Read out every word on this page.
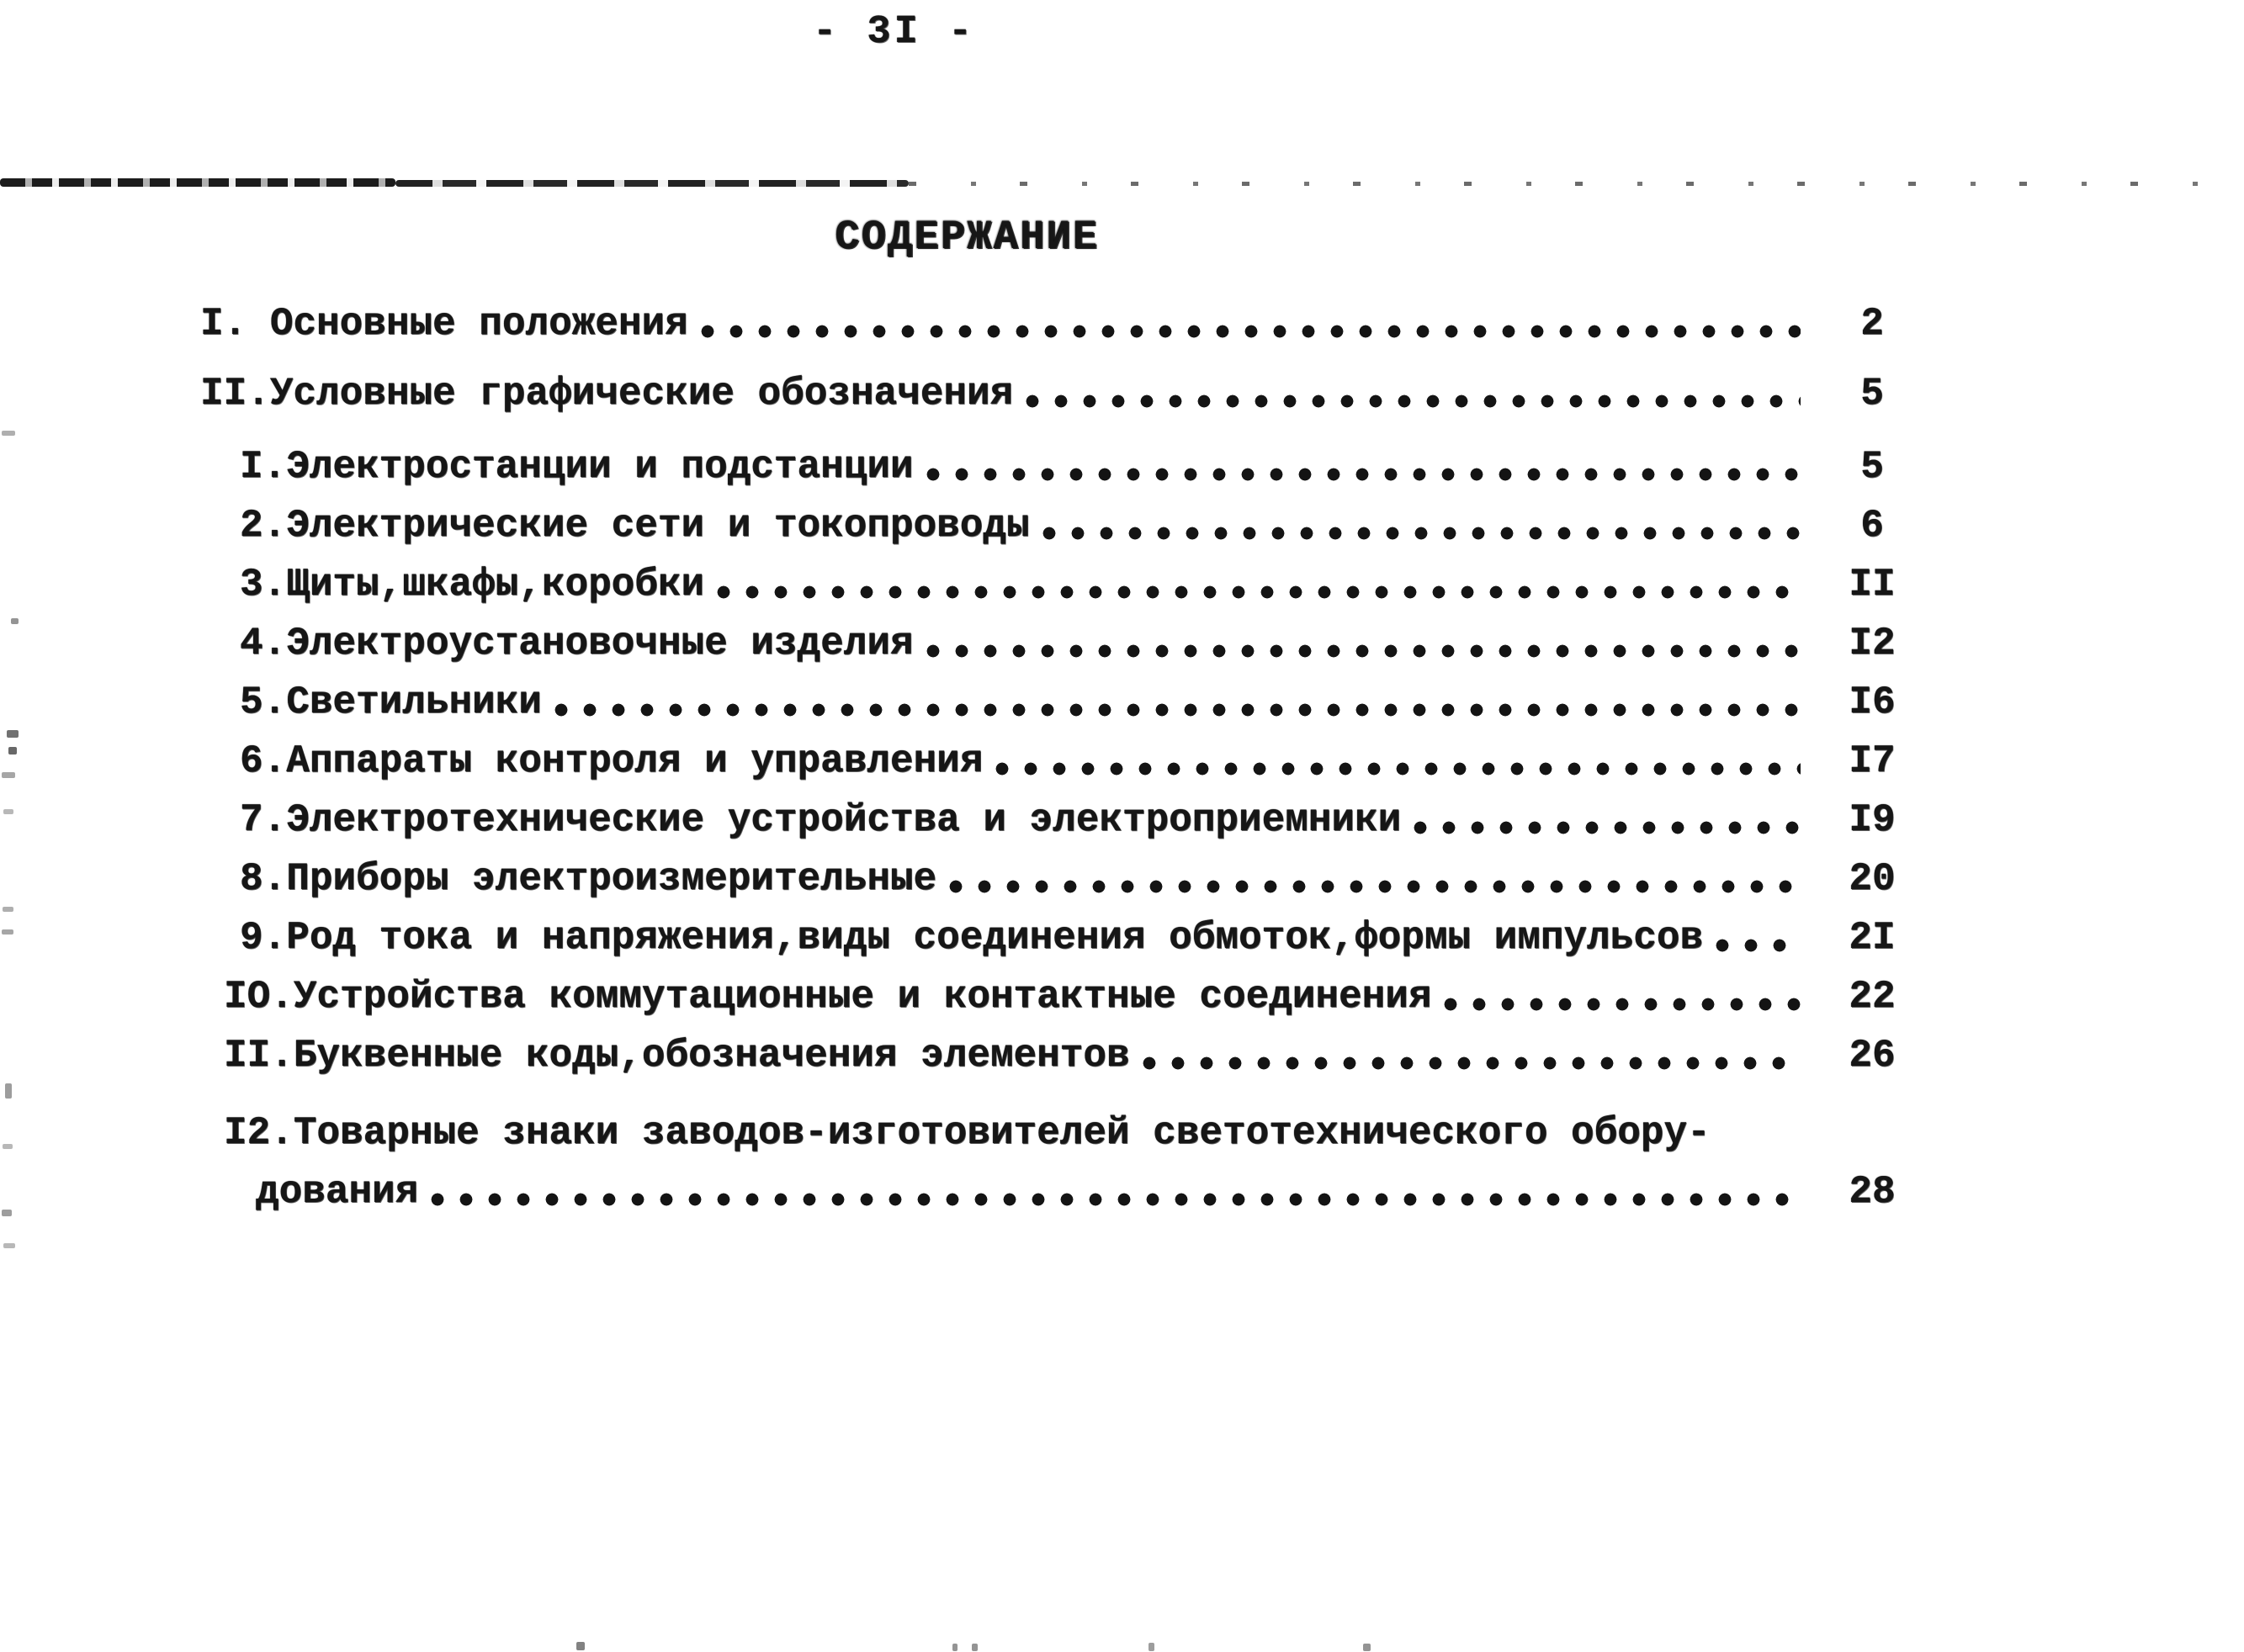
- 3I -
СОДЕРЖАНИЕ
I. Основные положения	2
II.Условные графические обозначения	5
I.Электростанции и подстанции	5
2.Электрические сети и токопроводы	6
3.Щиты,шкафы,коробки	II
4.Электроустановочные изделия	I2
5.Светильники	I6
6.Аппараты контроля и управления	I7
7.Электротехнические устройства и электроприемники	I9
8.Приборы электроизмерительные	20
9.Род тока и напряжения,виды соединения обмоток,формы импульсов	2I
IO.Устройства коммутационные и контактные соединения	22
II.Буквенные коды,обозначения элементов	26
I2.Товарные знаки заводов-изготовителей светотехнического обору-
дования	28
